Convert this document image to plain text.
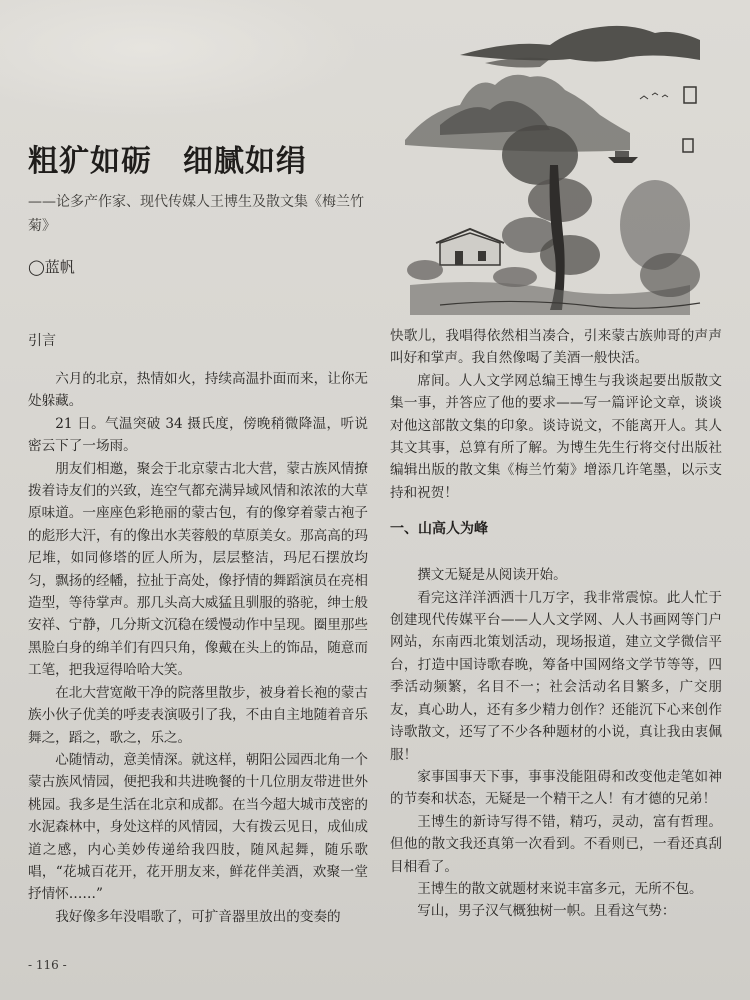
粗犷如砺　细腻如绢
——论多产作家、现代传媒人王博生及散文集《梅兰竹菊》
◯蓝帆
引言

六月的北京，热情如火，持续高温扑面而来，让你无处躲藏。

21 日。气温突破 34 摄氏度，傍晚稍微降温，听说密云下了一场雨。

朋友们相邀，聚会于北京蒙古北大营，蒙古族风情撩拨着诗友们的兴致，连空气都充满异域风情和浓浓的大草原味道。一座座色彩艳丽的蒙古包，有的像穿着蒙古袍子的彪形大汗，有的像出水芙蓉般的草原美女。那高高的玛尼堆，如同修塔的匠人所为，层层整洁，玛尼石摆放均匀，飘扬的经幡，拉扯于高处，像抒情的舞蹈演员在亮相造型，等待掌声。那几头高大威猛且驯服的骆驼，绅士般安祥、宁静，几分斯文沉稳在缓慢动作中呈现。圈里那些黑脸白身的绵羊们有四只角，像戴在头上的饰品，随意而工笔，把我逗得哈哈大笑。

在北大营宽敞干净的院落里散步，被身着长袍的蒙古族小伙子优美的呼麦表演吸引了我，不由自主地随着音乐舞之，蹈之，歌之，乐之。

心随情动，意美情深。就这样，朝阳公园西北角一个蒙古族风情园，便把我和共进晚餐的十几位朋友带进世外桃园。我多是生活在北京和成都。在当今超大城市茂密的水泥森林中，身处这样的风情园，大有拨云见日，成仙成道之感，内心美妙传递给我四肢，随风起舞，随乐歌唱，“花城百花开，花开朋友来，鲜花伴美酒，欢聚一堂抒情怀……”

我好像多年没唱歌了，可扩音器里放出的变奏的

快歌儿，我唱得依然相当凑合，引来蒙古族帅哥的声声叫好和掌声。我自然像喝了美酒一般快活。

席间。人人文学网总编王博生与我谈起要出版散文集一事，并答应了他的要求——写一篇评论文章，谈谈对他这部散文集的印象。谈诗说文，不能离开人。其人其文其事，总算有所了解。为博生先生行将交付出版社编辑出版的散文集《梅兰竹菊》增添几许笔墨，以示支持和祝贺！

一、山高人为峰

撰文无疑是从阅读开始。

看完这洋洋洒洒十几万字，我非常震惊。此人忙于创建现代传媒平台——人人文学网、人人书画网等门户网站，东南西北策划活动，现场报道，建立文学微信平台，打造中国诗歌春晚，筹备中国网络文学节等等，四季活动频繁，名目不一；社会活动名目繁多，广交朋友，真心助人，还有多少精力创作？还能沉下心来创作诗歌散文，还写了不少各种题材的小说，真让我由衷佩服！

家事国事天下事，事事没能阻碍和改变他走笔如神的节奏和状态，无疑是一个精干之人！有才德的兄弟！

王博生的新诗写得不错，精巧，灵动，富有哲理。但他的散文我还真第一次看到。不看则已，一看还真刮目相看了。

王博生的散文就题材来说丰富多元，无所不包。

写山，男子汉气概独树一帜。且看这气势：

- 116 -
